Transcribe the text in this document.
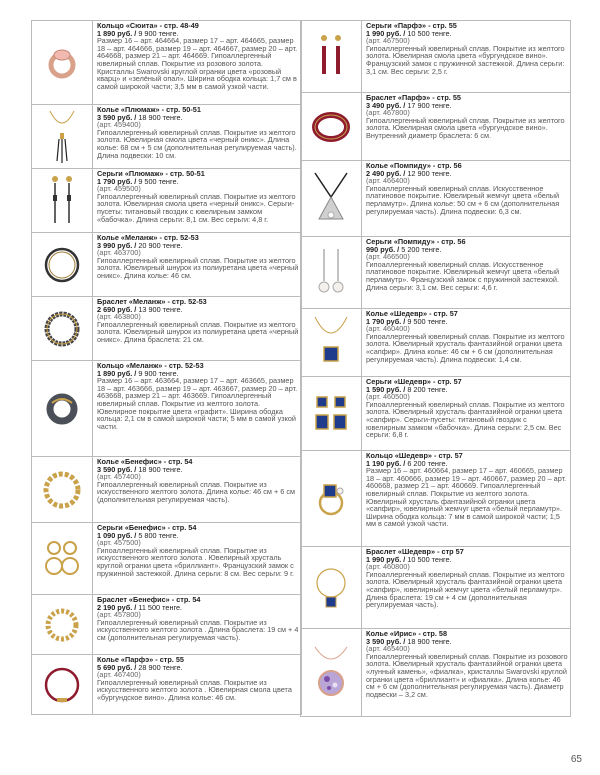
Кольцо «Сюита» - стр. 48-49
1 890 руб. / 9 900 тенге.
Размер 16 – арт. 464664, размер 17 – арт. 464665, размер 18 – арт. 464666, размер 19 – арт. 464667, размер 20 – арт. 464668, размер 21 – арт. 464669. Гипоаллергенный ювелирный сплав. Покрытие из розового золота. Кристаллы Swarovski круглой огранки цвета «розовый кварц» и «зелёный опал». Ширина ободка кольца: 1,7 см в самой широкой части; 3,5 мм в самой узкой части.
Колье «Плюмаж» - стр. 50-51
3 590 руб. / 18 900 тенге.
(арт. 459400)
Гипоаллергенный ювелирный сплав. Покрытие из желтого золота. Ювелирная смола цвета «черный оникс». Длина колье: 68 см + 5 см (дополнительная регулируемая часть). Длина подвески: 10 см.
Серьги «Плюмаж» - стр. 50-51
1 790 руб. / 9 500 тенге.
(арт. 459500)
Гипоаллергенный ювелирный сплав. Покрытие из желтого золота. Ювелирная смола цвета «черный оникс». Серьги-пусеты: титановый гвоздик с ювелирным замком «бабочка». Длина серьги: 8,1 см. Вес серьги: 4,8 г.
Колье «Меланж» - стр. 52-53
3 990 руб. / 20 900 тенге.
(арт. 463700)
Гипоаллергенный ювелирный сплав. Покрытие из желтого золота. Ювелирный шнурок из полиуретана цвета «черный оникс». Длина колье: 46 см.
Браслет «Меланж» - стр. 52-53
2 690 руб. / 13 900 тенге.
(арт. 463800)
Гипоаллергенный ювелирный сплав. Покрытие из желтого золота. Ювелирный шнурок из полиуретана цвета «черный оникс». Длина браслета: 21 см.
Кольцо «Меланж» - стр. 52-53
1 890 руб. / 9 900 тенге.
Размер 16 – арт. 463664, размер 17 – арт. 463665, размер 18 – арт. 463666, размер 19 – арт. 463667, размер 20 – арт. 463668, размер 21 – арт. 463669. Гипоаллергенный ювелирный сплав. Покрытие из желтого золота. Ювелирное покрытие цвета «графит». Ширина ободка кольца: 2,1 см в самой широкой части; 5 мм в самой узкой части.
Колье «Бенефис» - стр. 54
3 590 руб. / 18 900 тенге.
(арт. 457400)
Гипоаллергенный ювелирный сплав. Покрытие из искусственного желтого золота. Длина колье: 46 см + 6 см (дополнительная регулируемая часть).
Серьги «Бенефис» - стр. 54
1 090 руб. / 5 800 тенге.
(арт. 457500)
Гипоаллергенный ювелирный сплав. Покрытие из искусственного желтого золота . Ювелирный хрусталь круглой огранки цвета «бриллиант». Французский замок с пружинной застежкой. Длина серьги: 8 см. Вес серьги: 9 г.
Браслет «Бенефис» - стр. 54
2 190 руб. / 11 500 тенге.
(арт. 457800)
Гипоаллергенный ювелирный сплав. Покрытие из искусственного желтого золота . Длина браслета: 19 см + 4 см (дополнительная регулируемая часть).
Колье «Парфэ» - стр. 55
5 690 руб. / 28 900 тенге.
(арт. 467400)
Гипоаллергенный ювелирный сплав. Покрытие из искусственного желтого золота . Ювелирная смола цвета «бургундское вино». Длина колье: 46 см.
Серьги «Парфэ» - стр. 55
1 990 руб. / 10 500 тенге.
(арт. 467500)
Гипоаллергенный ювелирный сплав. Покрытие из желтого золота. Ювелирная смола цвета «бургундское вино». Французский замок с пружинной застежкой. Длина серьги: 3,1 см. Вес серьги: 2,5 г.
Браслет «Парфэ» - стр. 55
3 490 руб. / 17 900 тенге.
(арт. 467800)
Гипоаллергенный ювелирный сплав. Покрытие из желтого золота. Ювелирная смола цвета «бургундское вино». Внутренний диаметр браслета: 6 см.
Колье «Помпиду» - стр. 56
2 490 руб. / 12 900 тенге.
(арт. 466400)
Гипоаллергенный ювелирный сплав. Искусственное платиновое покрытие. Ювелирный жемчуг цвета «белый перламутр». Длина колье: 50 см + 6 см (дополнительная регулируемая часть). Длина подвески: 6,3 см.
Серьги «Помпиду» - стр. 56
990 руб. / 5 200 тенге.
(арт. 466500)
Гипоаллергенный ювелирный сплав. Искусственное платиновое покрытие. Ювелирный жемчуг цвета «белый перламутр». Французский замок с пружинной застежкой. Длина серьги: 3,1 см. Вес серьги: 4,6 г.
Колье «Шедевр» - стр. 57
1 790 руб. / 9 500 тенге.
(арт. 460400)
Гипоаллергенный ювелирный сплав. Покрытие из желтого золота. Ювелирный хрусталь фантазийной огранки цвета «сапфир». Длина колье: 46 см + 6 см (дополнительная регулируемая часть). Длина подвески: 1,4 см.
Серьги «Шедевр» - стр. 57
1 590 руб. / 8 200 тенге.
(арт. 460500)
Гипоаллергенный ювелирный сплав. Покрытие из желтого золота. Ювелирный хрусталь фантазийной огранки цвета «сапфир». Серьги-пусеты: титановый гвоздик с ювелирным замком «бабочка». Длина серьги: 2,5 см. Вес серьги: 6,8 г.
Кольцо «Шедевр» - стр. 57
1 190 руб. / 6 200 тенге.
Размер 16 – арт. 460664, размер 17 – арт. 460665, размер 18 – арт. 460666, размер 19 – арт. 460667, размер 20 – арт. 460668, размер 21 – арт. 460669. Гипоаллергенный ювелирный сплав. Покрытие из желтого золота. Ювелирный хрусталь фантазийной огранки цвета «сапфир», ювелирный жемчуг цвета «белый перламутр». Ширина ободка кольца: 7 мм в самой широкой части; 1,5 мм в самой узкой части.
Браслет «Шедевр» - стр 57
1 990 руб. / 10 500 тенге.
(арт. 460800)
Гипоаллергенный ювелирный сплав. Покрытие из желтого золота. Ювелирный хрусталь фантазийной огранки цвета «сапфир», ювелирный жемчуг цвета «белый перламутр». Длина браслета: 19 см + 4 см (дополнительная регулируемая часть).
Колье «Ирис» - стр. 58
3 590 руб. / 18 900 тенге.
(арт. 465400)
Гипоаллергенный ювелирный сплав. Покрытие из розового золота. Ювелирный хрусталь фантазийной огранки цвета «лунный камень», «фиалка», кристаллы Swarovski круглой огранки цвета «бриллиант» и «фиалка». Длина колье: 46 см + 6 см (дополнительная регулируемая часть). Диаметр подвески – 3,2 см.
65
